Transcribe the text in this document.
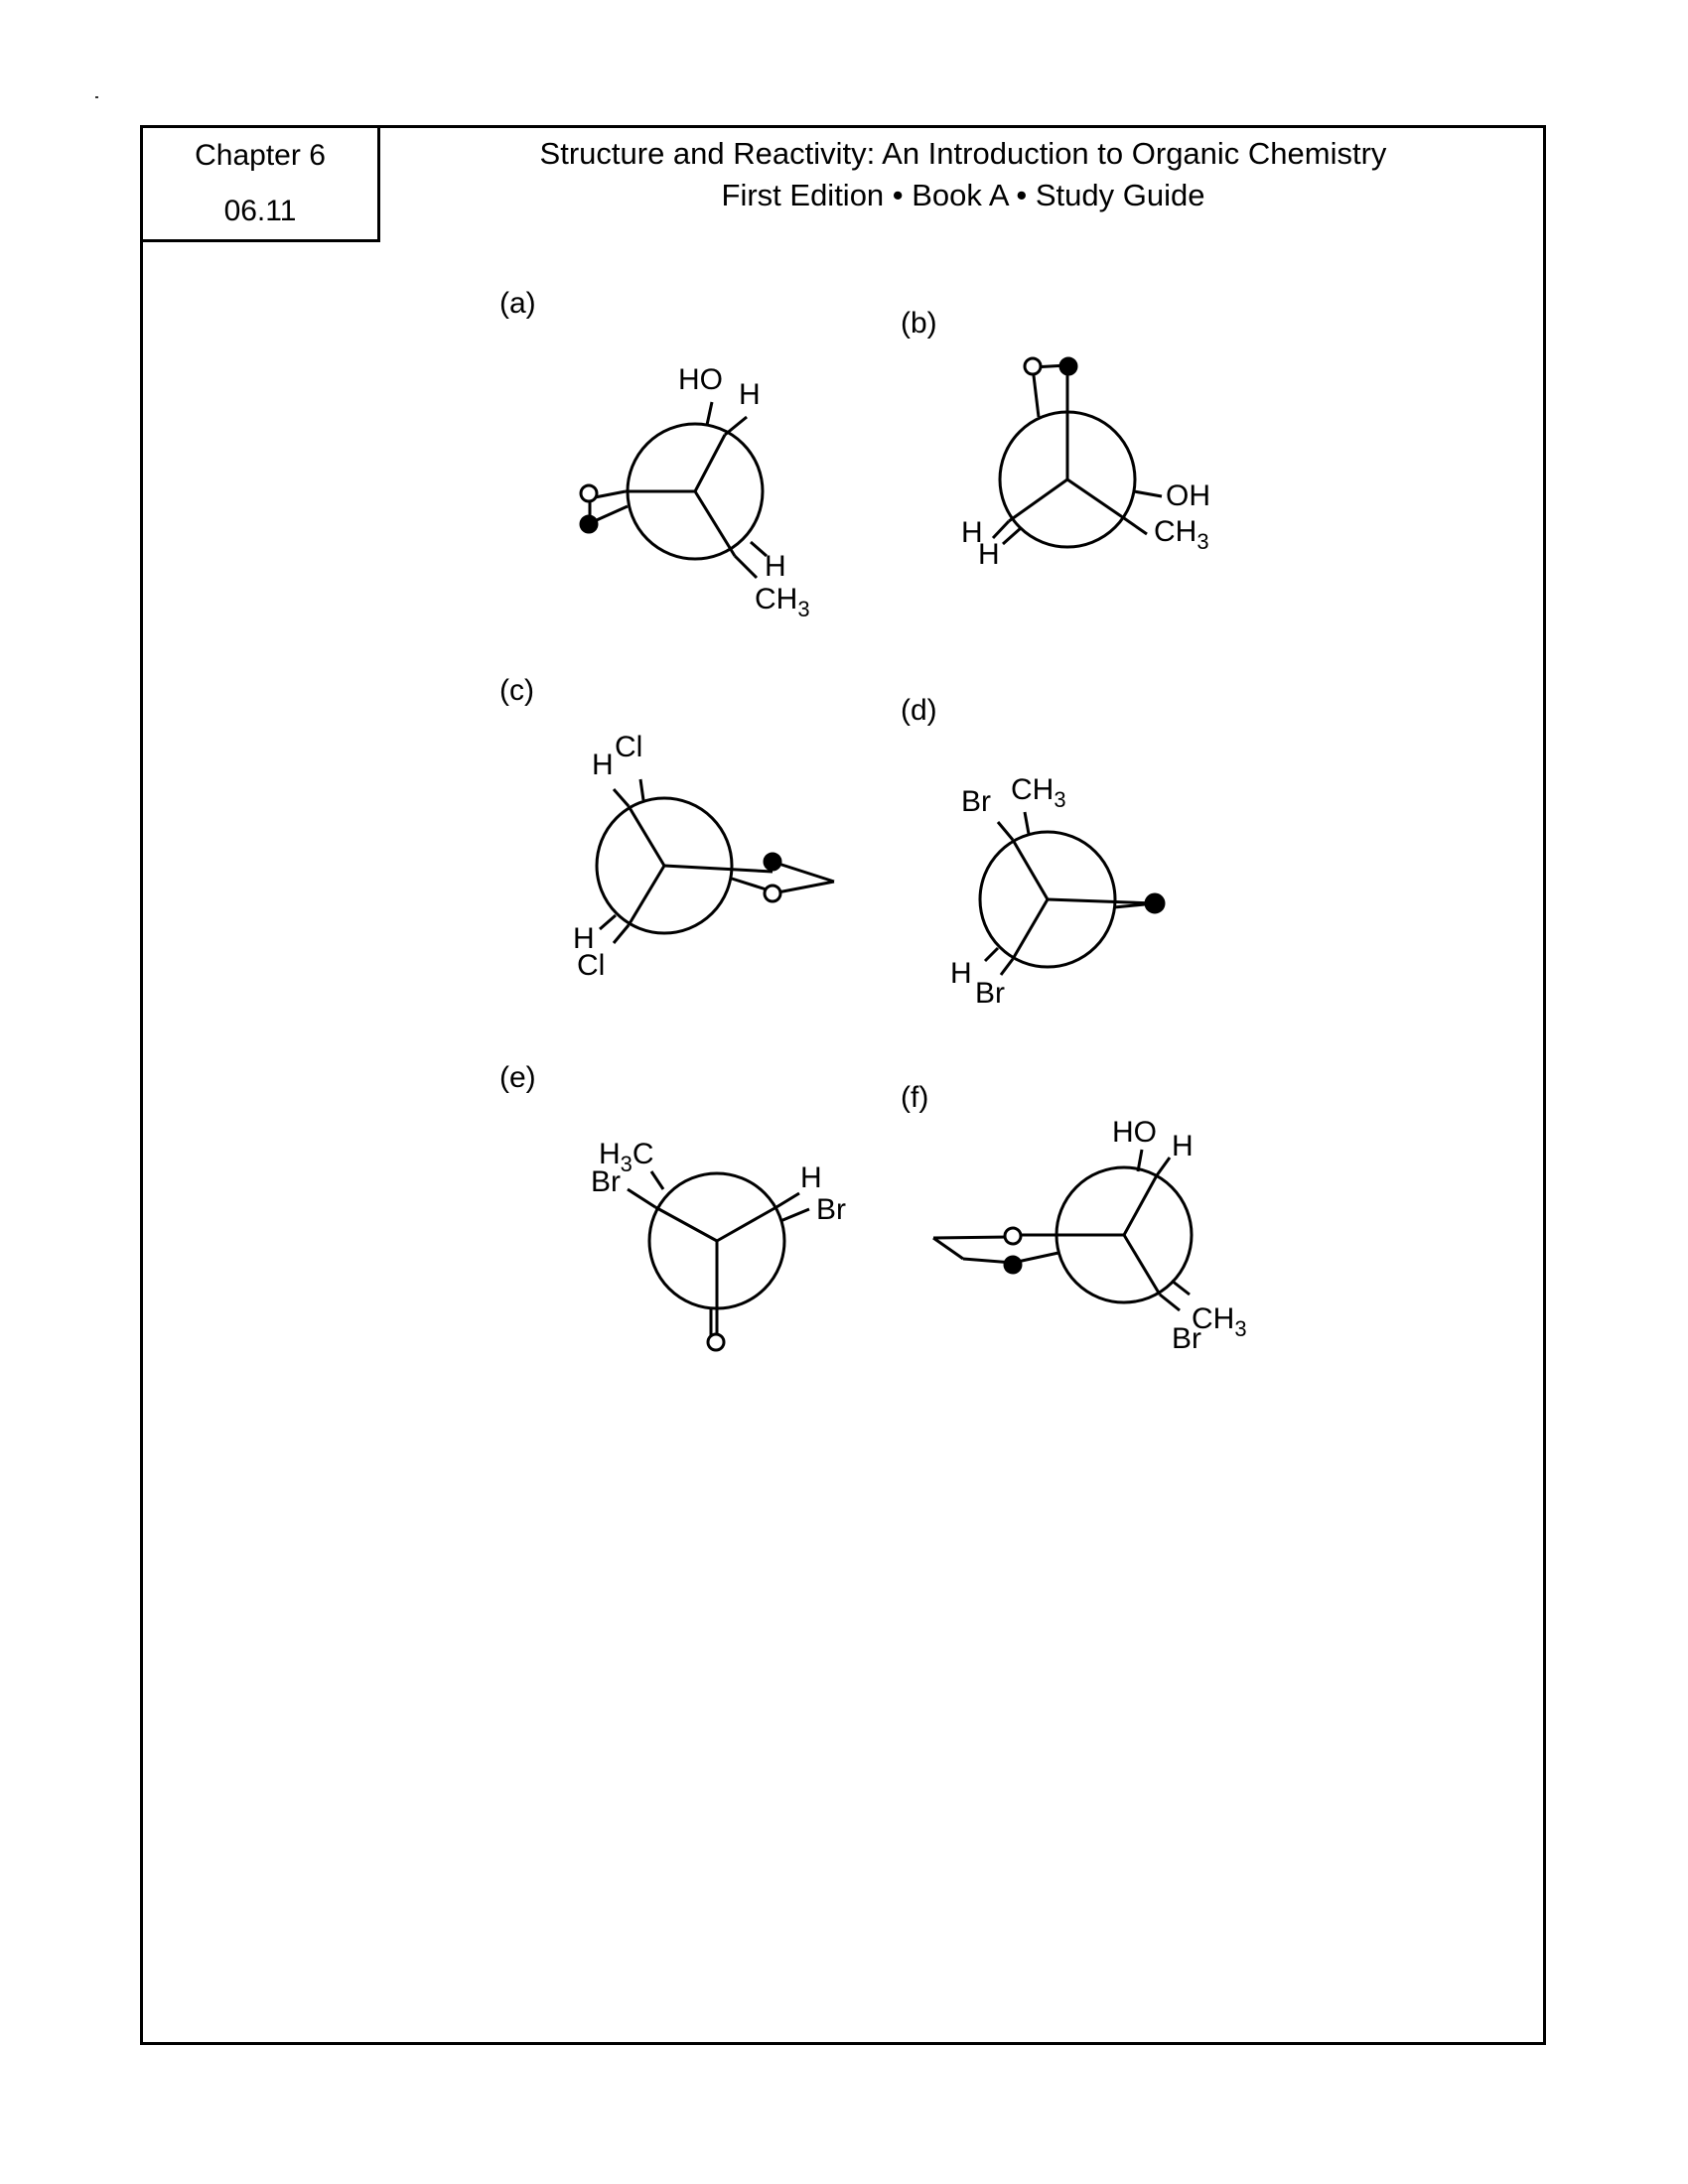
Chapter 6
06.11
Structure and Reactivity: An Introduction to Organic Chemistry
First Edition • Book A • Study Guide
(a)
(b)
(c)
(d)
(e)
(f)
HO H
H
$CH_3$
OH
$CH_3$
H
H
H
Cl
H
Cl
Br $CH_3$
H
Br
$H_3C$
Br	H
Br
HO H
$CH_3$
Br
